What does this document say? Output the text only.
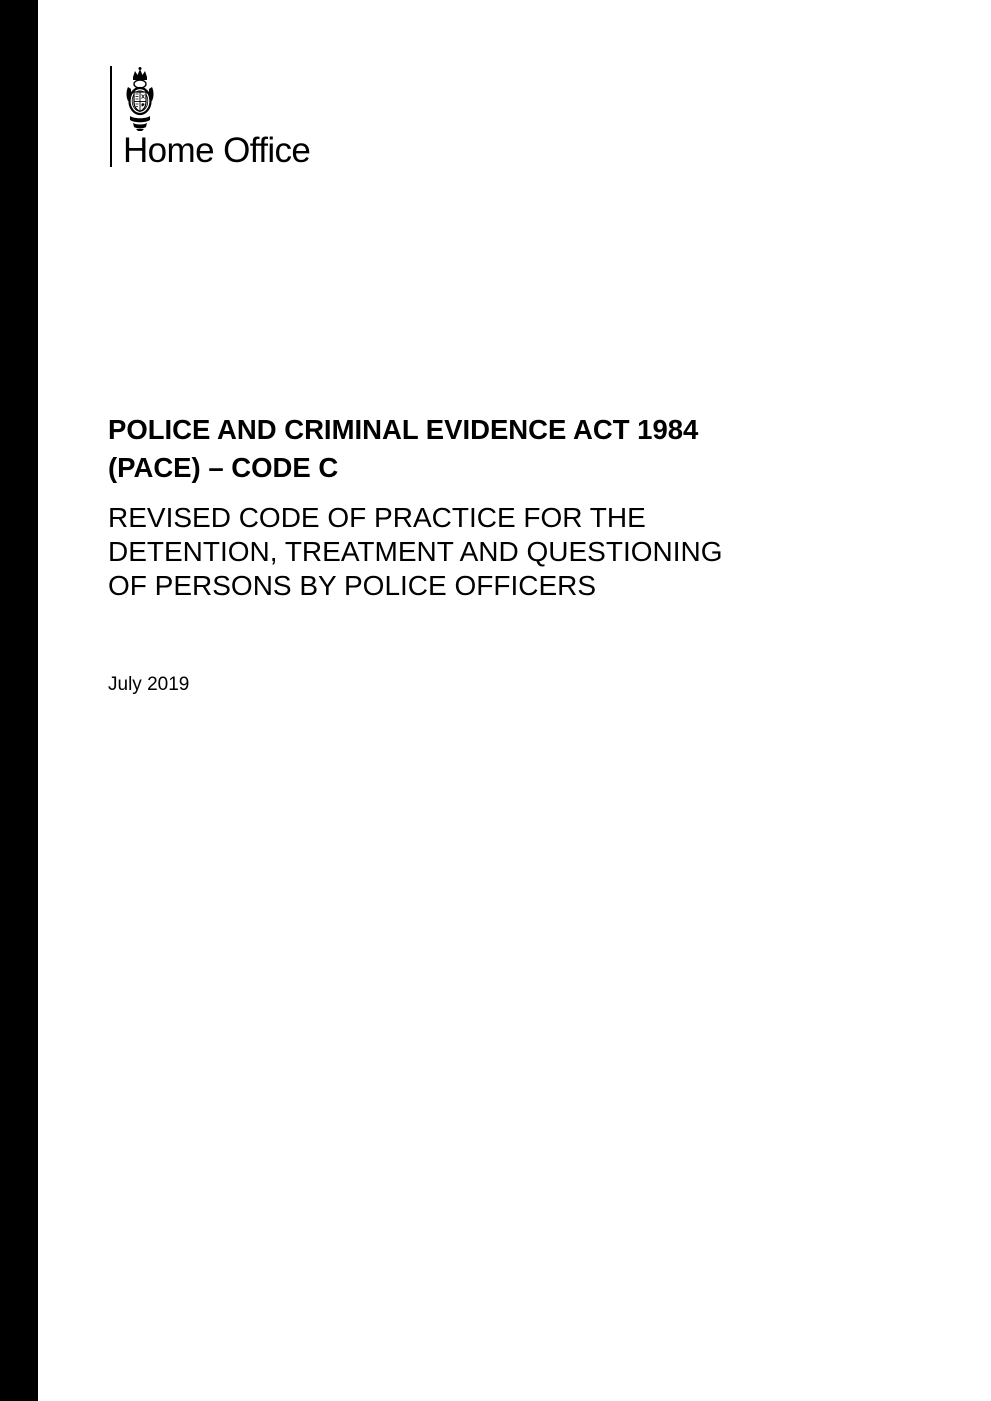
Home Office
POLICE AND CRIMINAL EVIDENCE ACT 1984
(PACE) – CODE C
REVISED CODE OF PRACTICE FOR THE
DETENTION, TREATMENT AND QUESTIONING
OF PERSONS BY POLICE OFFICERS

July 2019
